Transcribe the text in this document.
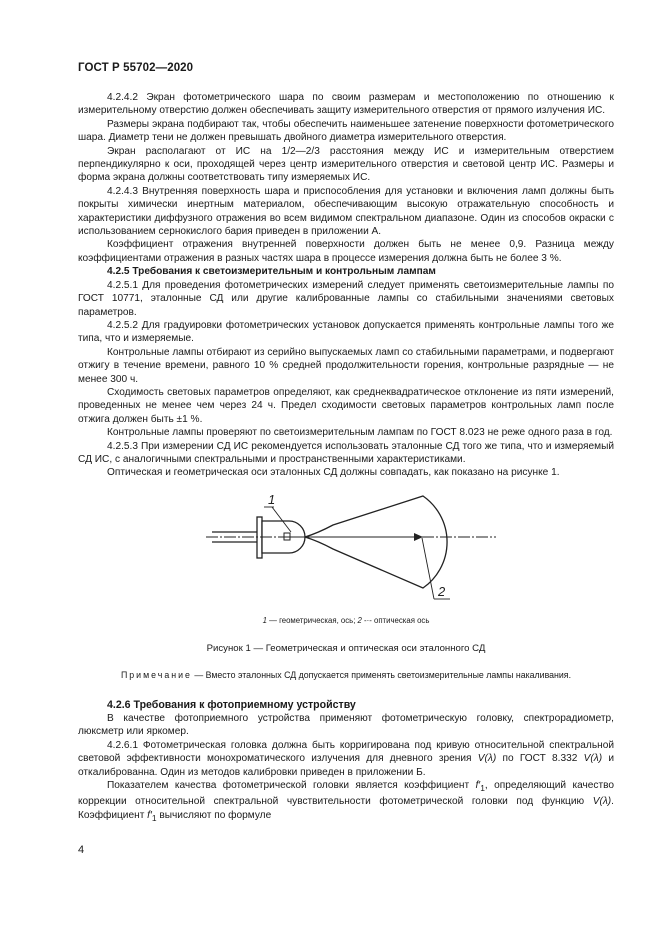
ГОСТ Р 55702—2020

4.2.4.2 Экран фотометрического шара по своим размерам и местоположению по отношению к измерительному отверстию должен обеспечивать защиту измерительного отверстия от прямого излучения ИС.

Размеры экрана подбирают так, чтобы обеспечить наименьшее затенение поверхности фотометрического шара. Диаметр тени не должен превышать двойного диаметра измерительного отверстия.

Экран располагают от ИС на 1/2—2/3 расстояния между ИС и измерительным отверстием перпендикулярно к оси, проходящей через центр измерительного отверстия и световой центр ИС. Размеры и форма экрана должны соответствовать типу измеряемых ИС.

4.2.4.3 Внутренняя поверхность шара и приспособления для установки и включения ламп должны быть покрыты химически инертным материалом, обеспечивающим высокую отражательную способность и характеристики диффузного отражения во всем видимом спектральном диапазоне. Один из способов окраски с использованием сернокислого бария приведен в приложении А.

Коэффициент отражения внутренней поверхности должен быть не менее 0,9. Разница между коэффициентами отражения в разных частях шара в процессе измерения должна быть не более 3 %.

4.2.5 Требования к светоизмерительным и контрольным лампам

4.2.5.1 Для проведения фотометрических измерений следует применять светоизмерительные лампы по ГОСТ 10771, эталонные СД или другие калиброванные лампы со стабильными значениями световых параметров.

4.2.5.2 Для градуировки фотометрических установок допускается применять контрольные лампы того же типа, что и измеряемые.

Контрольные лампы отбирают из серийно выпускаемых ламп со стабильными параметрами, и подвергают отжигу в течение времени, равного 10 % средней продолжительности горения, контрольные разрядные — не менее 300 ч.

Сходимость световых параметров определяют, как среднеквадратическое отклонение из пяти измерений, проведенных не менее чем через 24 ч. Предел сходимости световых параметров контрольных ламп после отжига должен быть ±1 %.

Контрольные лампы проверяют по светоизмерительным лампам по ГОСТ 8.023 не реже одного раза в год.

4.2.5.3 При измерении СД ИС рекомендуется использовать эталонные СД того же типа, что и измеряемый СД ИС, с аналогичными спектральными и пространственными характеристиками.

Оптическая и геометрическая оси эталонных СД должны совпадать, как показано на рисунке 1.

1
2

1 — геометрическая, ось; 2 -·- оптическая ось

Рисунок 1 — Геометрическая и оптическая оси эталонного СД

Примечание — Вместо эталонных СД допускается применять светоизмерительные лампы накаливания.

4.2.6 Требования к фотоприемному устройству

В качестве фотоприемного устройства применяют фотометрическую головку, спектрорадиометр, люксметр или яркомер.

4.2.6.1 Фотометрическая головка должна быть корригирована под кривую относительной спектральной световой эффективности монохроматического излучения для дневного зрения V(λ) по ГОСТ 8.332 V(λ) и откалиброванна. Один из методов калибровки приведен в приложении Б.

Показателем качества фотометрической головки является коэффициент $f'_1$, определяющий качество коррекции относительной спектральной чувствительности фотометрической головки под функцию V(λ). Коэффициент $f'_1$ вычисляют по формуле

4
